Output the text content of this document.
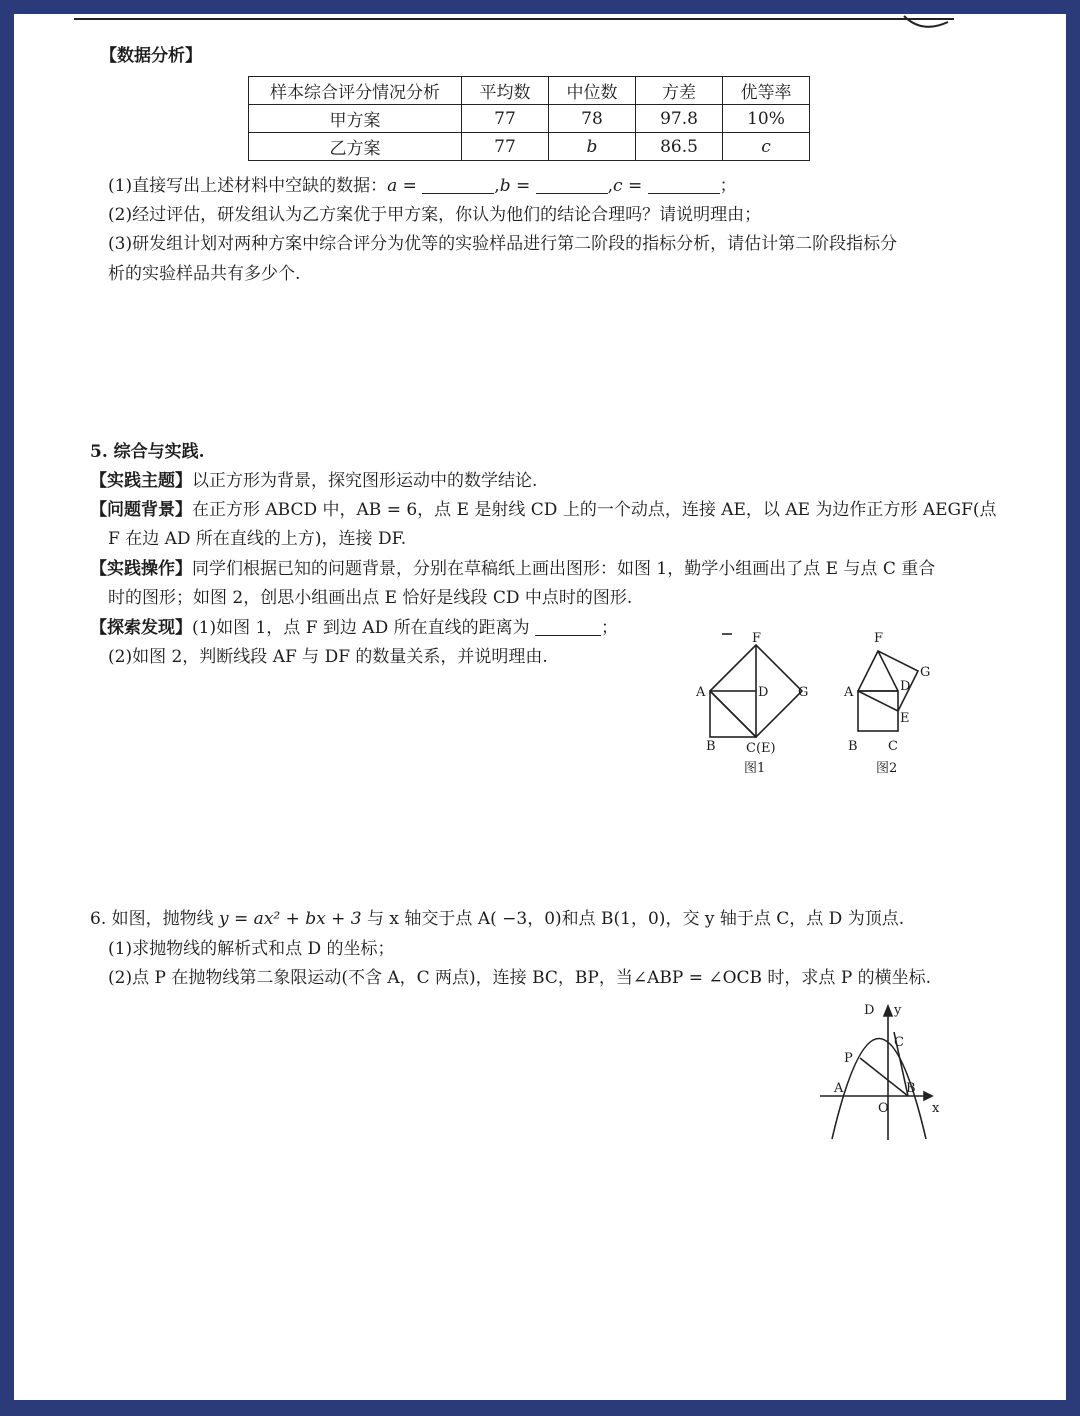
【数据分析】
样本综合评分情况分析	平均数	中位数	方差	优等率
甲方案	77	78	97.8	10%
乙方案	77	b	86.5	c
(1)直接写出上述材料中空缺的数据：a =	,b =	,c =	；
(2)经过评估，研发组认为乙方案优于甲方案，你认为他们的结论合理吗？请说明理由；
(3)研发组计划对两种方案中综合评分为优等的实验样品进行第二阶段的指标分析，请估计第二阶段指标分
析的实验样品共有多少个.
5. 综合与实践.
【实践主题】以正方形为背景，探究图形运动中的数学结论.
【问题背景】在正方形 ABCD 中，AB = 6，点 E 是射线 CD 上的一个动点，连接 AE，以 AE 为边作正方形 AEGF(点
F 在边 AD 所在直线的上方)，连接 DF.
【实践操作】同学们根据已知的问题背景，分别在草稿纸上画出图形：如图 1，勤学小组画出了点 E 与点 C 重合
时的图形；如图 2，创思小组画出点 E 恰好是线段 CD 中点时的图形.
【探索发现】(1)如图 1，点 F 到边 AD 所在直线的距离为	；
(2)如图 2，判断线段 AF 与 DF 的数量关系，并说明理由.
F
A	D G
B C(E)
图1
F
G
A	D
E
B C
图2
6. 如图，抛物线 y = ax² + bx + 3 与 x 轴交于点 A( −3，0)和点 B(1，0)，交 y 轴于点 C，点 D 为顶点.
(1)求抛物线的解析式和点 D 的坐标；
(2)点 P 在抛物线第二象限运动(不含 A，C 两点)，连接 BC，BP，当∠ABP = ∠OCB 时，求点 P 的横坐标.
D y
C
P
A	B
O	x
